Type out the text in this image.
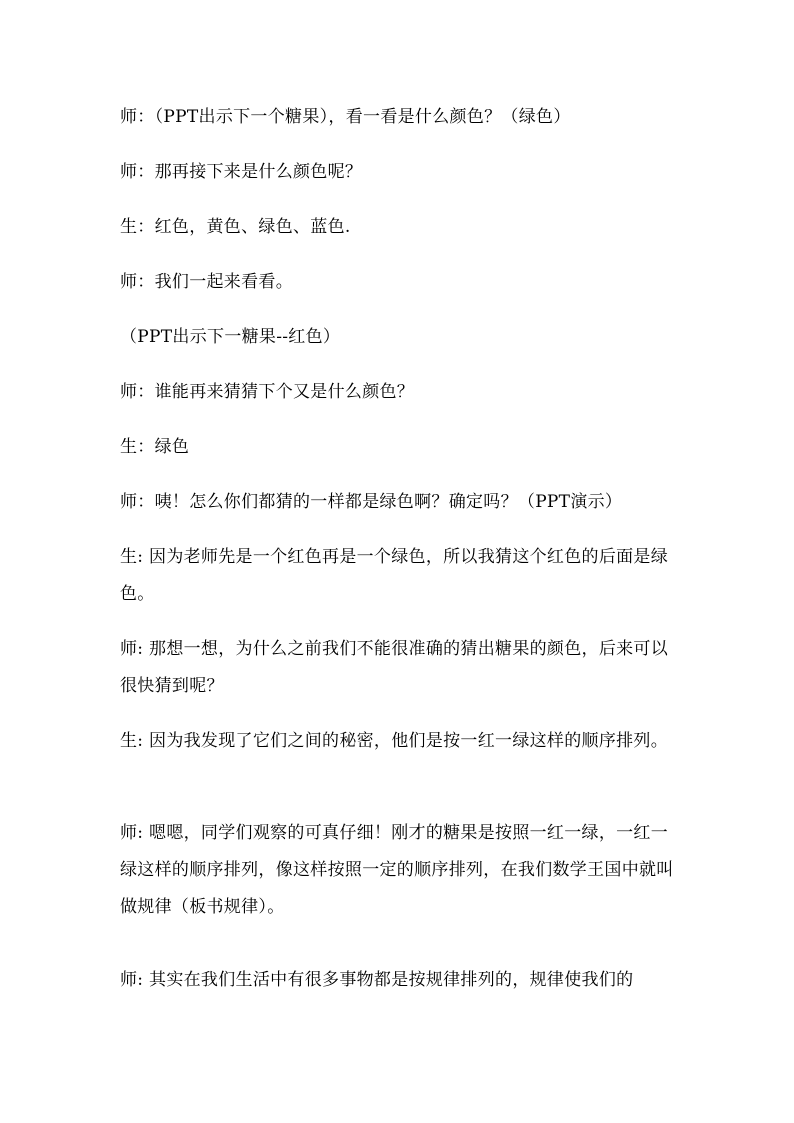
师：（PPT出示下一个糖果），看一看是什么颜色？（绿色）

师：那再接下来是什么颜色呢？

生：红色，黄色、绿色、蓝色.

师：我们一起来看看。

（PPT出示下一糖果--红色）

师：谁能再来猜猜下个又是什么颜色？

生：绿色

师：咦！怎么你们都猜的一样都是绿色啊？确定吗？（PPT演示）

生: 因为老师先是一个红色再是一个绿色，所以我猜这个红色的后面是绿色。

师: 那想一想，为什么之前我们不能很准确的猜出糖果的颜色，后来可以很快猜到呢？

生: 因为我发现了它们之间的秘密，他们是按一红一绿这样的顺序排列。

师: 嗯嗯，同学们观察的可真仔细！刚才的糖果是按照一红一绿，一红一绿这样的顺序排列，像这样按照一定的顺序排列，在我们数学王国中就叫做规律（板书规律）。

师: 其实在我们生活中有很多事物都是按规律排列的，规律使我们的
